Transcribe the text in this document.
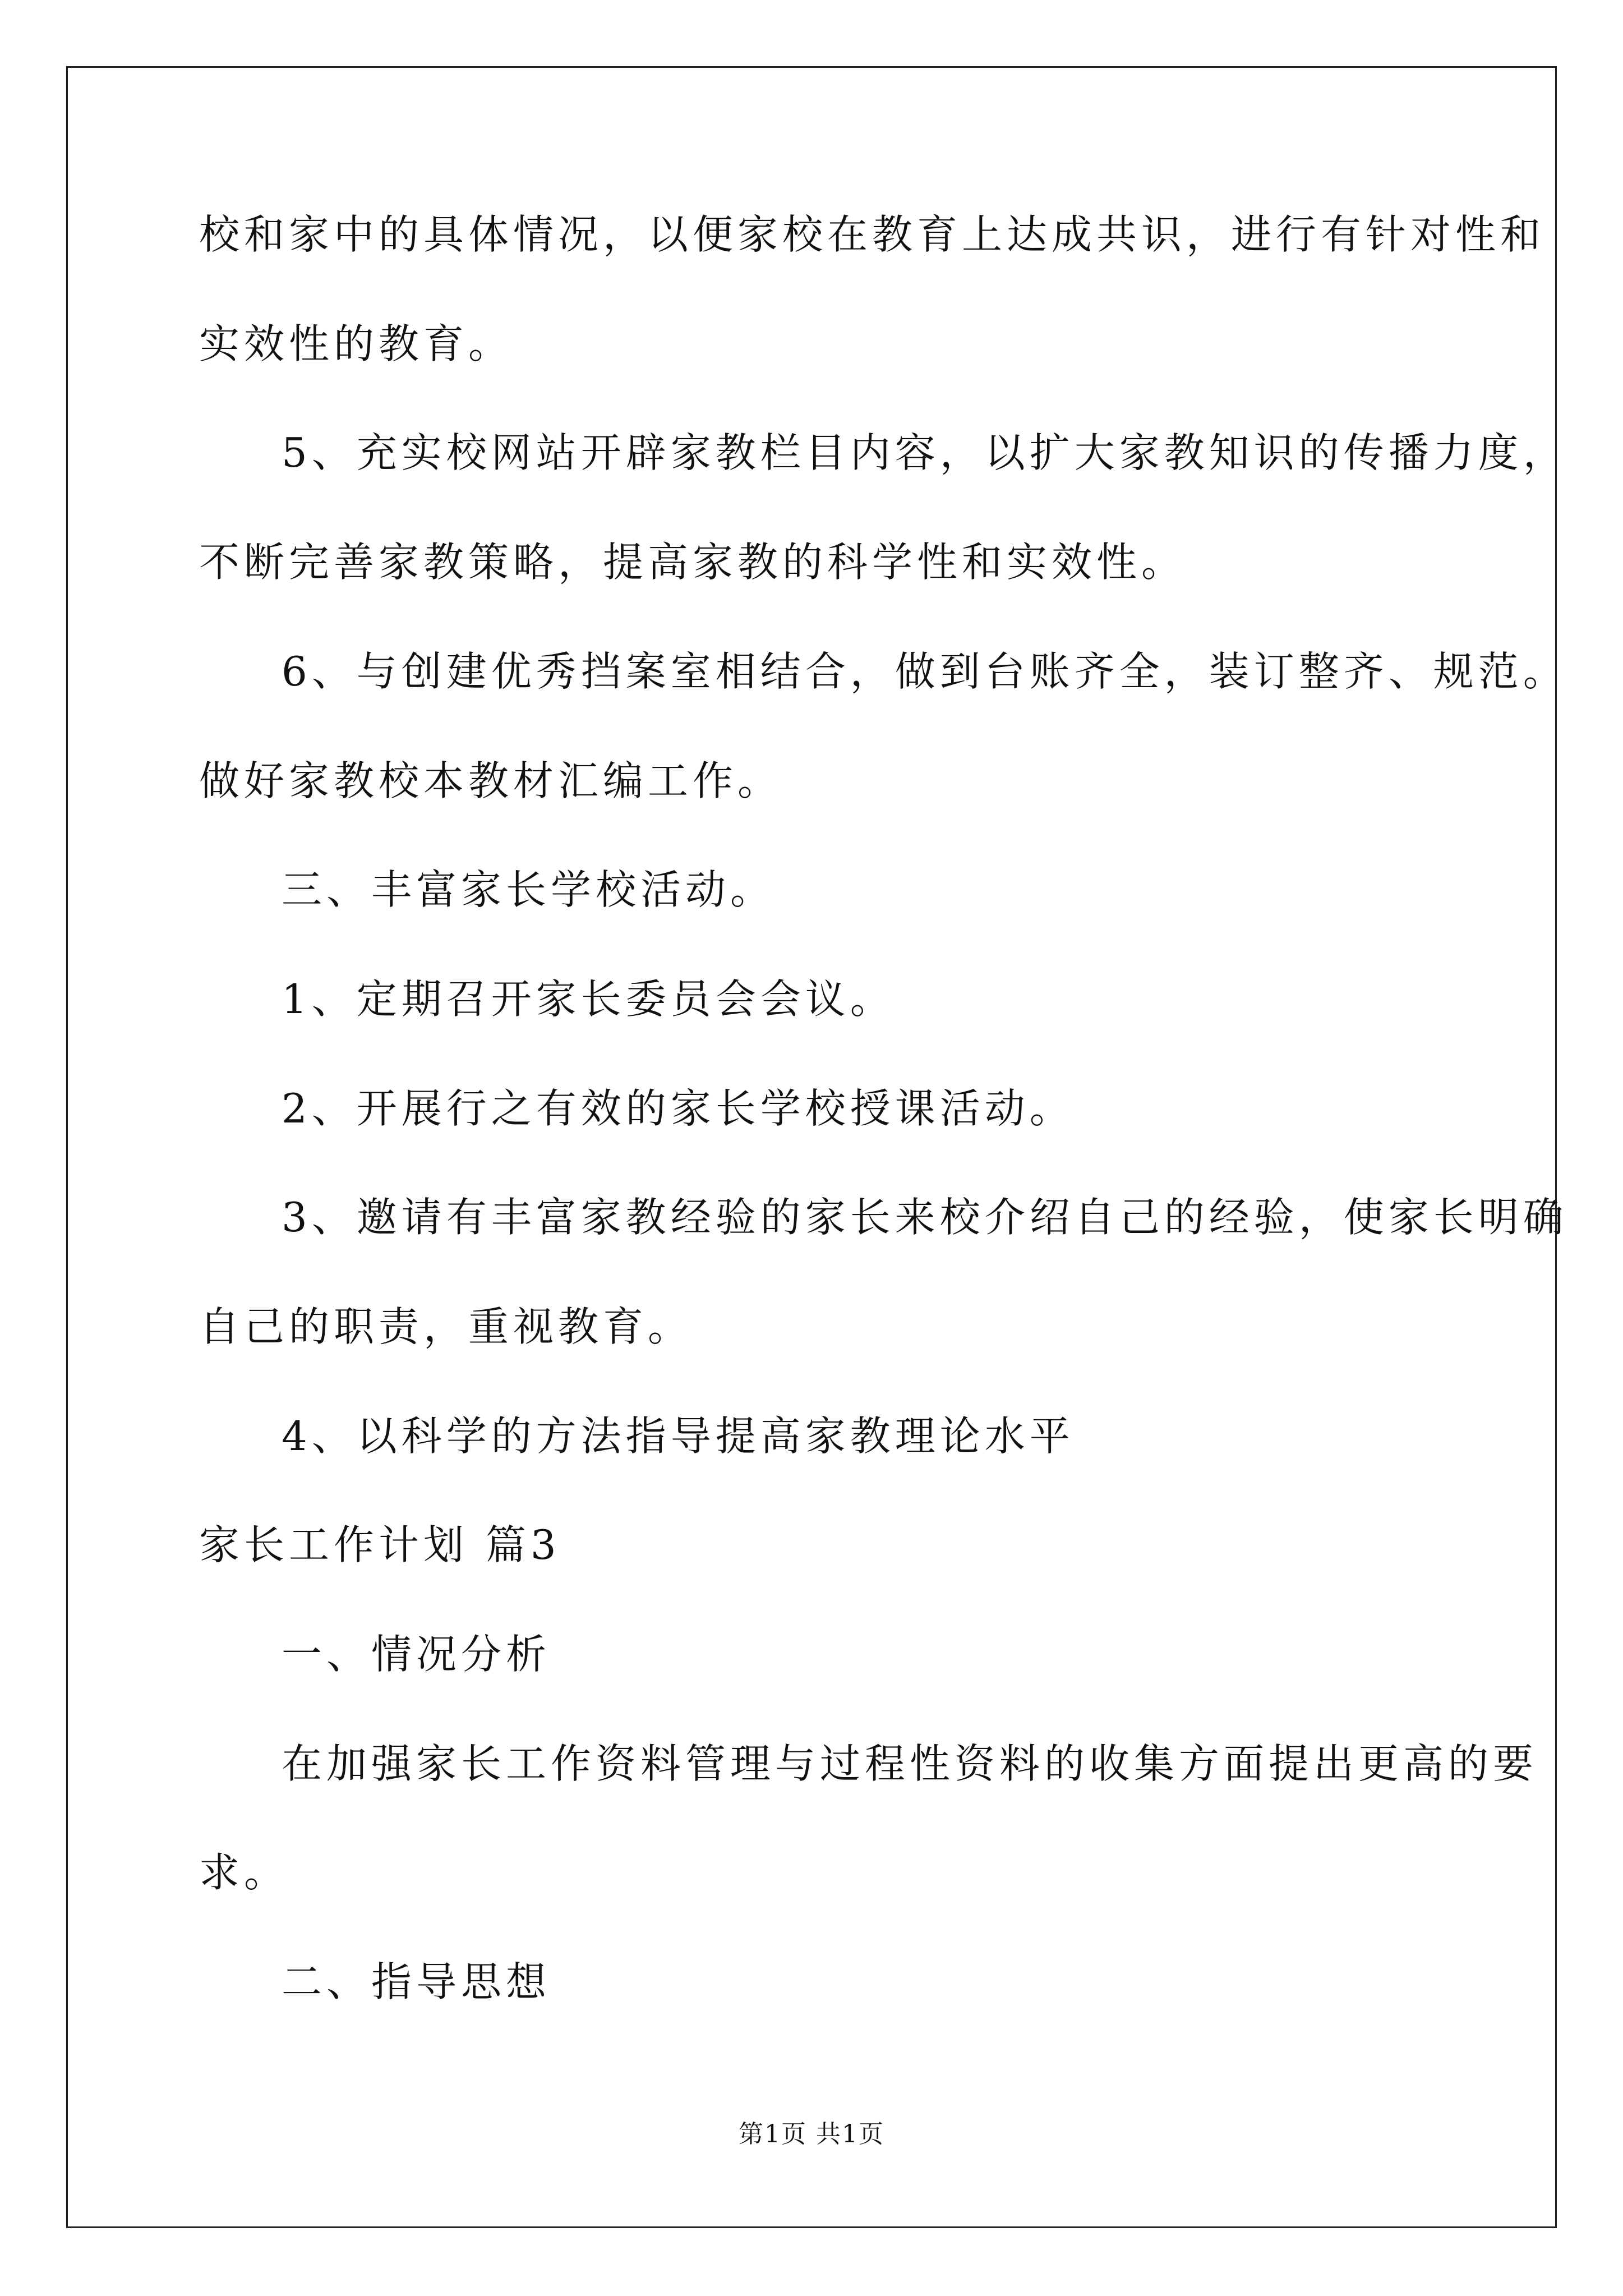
校和家中的具体情况，以便家校在教育上达成共识，进行有针对性和
实效性的教育。
5、充实校网站开辟家教栏目内容，以扩大家教知识的传播力度，
不断完善家教策略，提高家教的科学性和实效性。
6、与创建优秀挡案室相结合，做到台账齐全，装订整齐、规范。
做好家教校本教材汇编工作。
三、丰富家长学校活动。
1、定期召开家长委员会会议。
2、开展行之有效的家长学校授课活动。
3、邀请有丰富家教经验的家长来校介绍自己的经验，使家长明确
自己的职责，重视教育。
4、以科学的方法指导提高家教理论水平
家长工作计划 篇3
一、情况分析
在加强家长工作资料管理与过程性资料的收集方面提出更高的要
求。
二、指导思想
第1页 共1页
